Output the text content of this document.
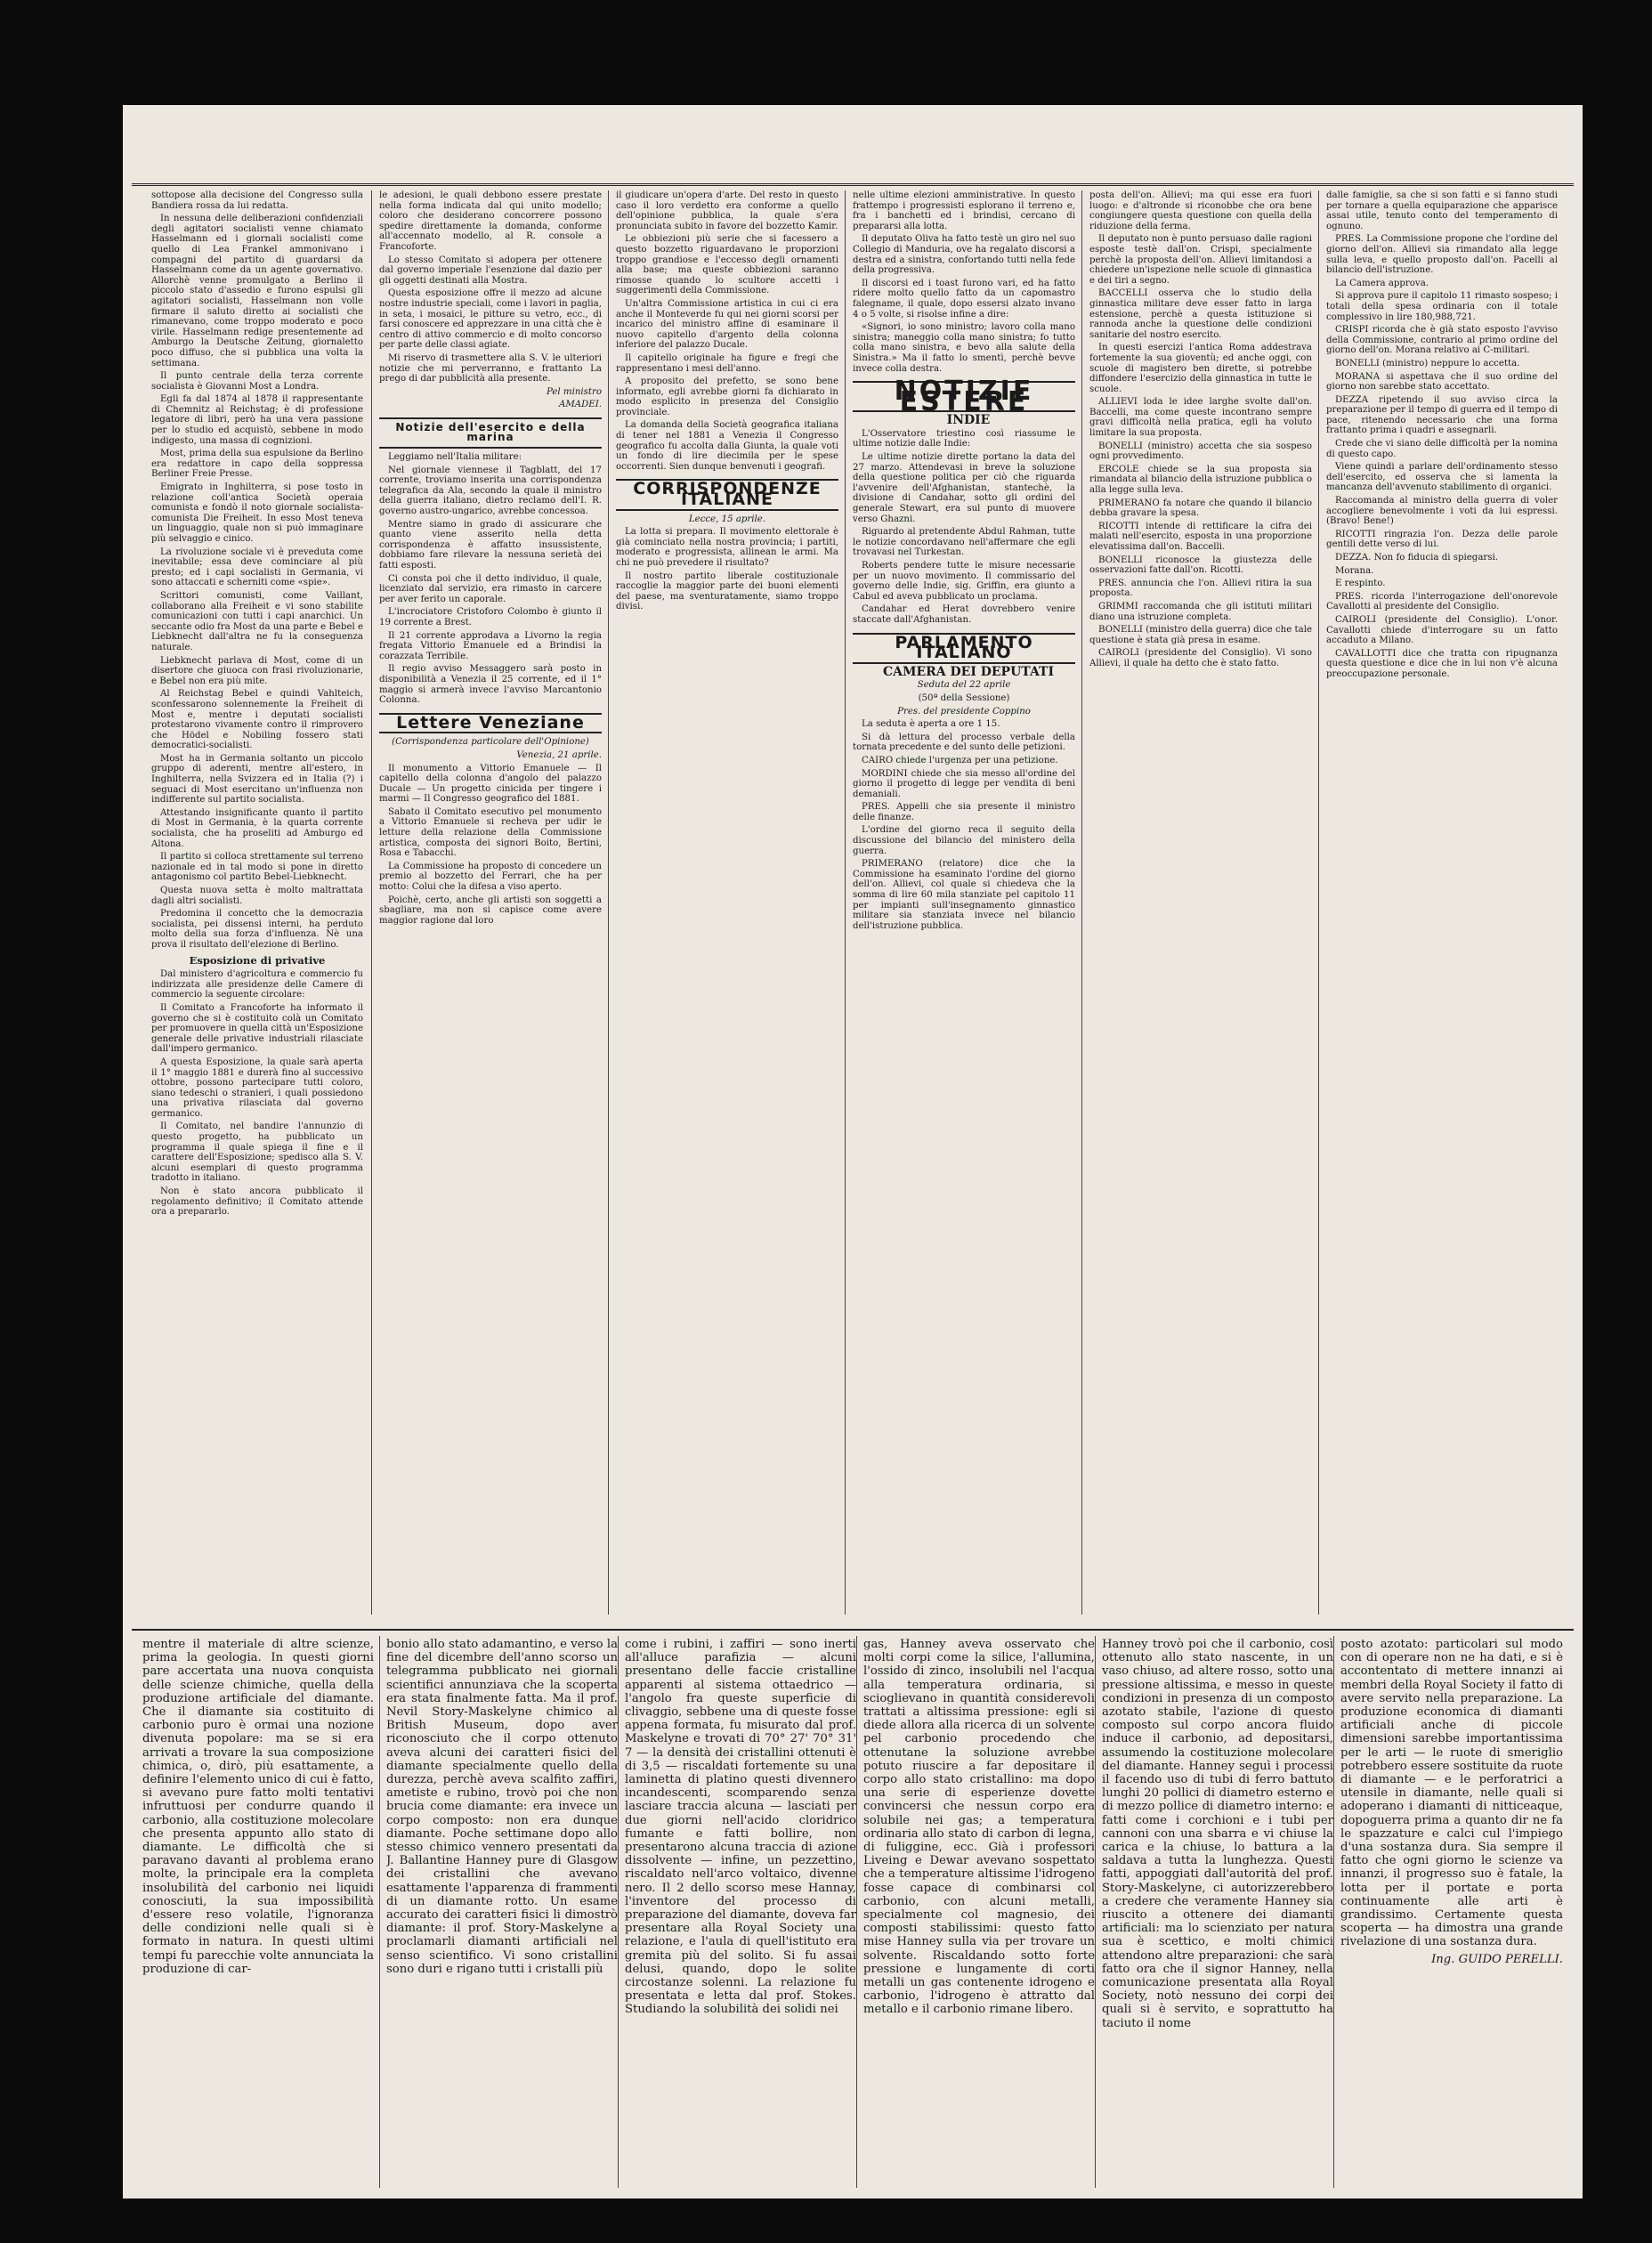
sottopose alla decisione del Congresso sulla Bandiera rossa da lui redatta.

In nessuna delle deliberazioni confidenziali degli agitatori socialisti venne chiamato Hasselmann ed i giornali socialisti come quello di Lea Frankel ammonivano i compagni del partito di guardarsi da Hasselmann come da un agente governativo. Allorchè venne promulgato a Berlino il piccolo stato d'assedio e furono espulsi gli agitatori socialisti, Hasselmann non volle firmare il saluto diretto ai socialisti che rimanevano, come troppo moderato e poco virile. Hasselmann redige presentemente ad Amburgo la Deutsche Zeitung, giornaletto poco diffuso, che si pubblica una volta la settimana.

Il punto centrale della terza corrente socialista è Giovanni Most a Londra.

Egli fa dal 1874 al 1878 il rappresentante di Chemnitz al Reichstag; è di professione legatore di libri, però ha una vera passione per lo studio ed acquistò, sebbene in modo indigesto, una massa di cognizioni.

Most, prima della sua espulsione da Berlino era redattore in capo della soppressa Berliner Freie Presse.

Emigrato in Inghilterra, si pose tosto in relazione coll'antica Società operaia comunista e fondò il noto giornale socialista-comunista Die Freiheit. In esso Most teneva un linguaggio, quale non si può immaginare più selvaggio e cinico.

La rivoluzione sociale vi è preveduta come inevitabile; essa deve cominciare al più presto; ed i capi socialisti in Germania, vi sono attaccati e scherniti come «spie».

Scrittori comunisti, come Vaillant, collaborano alla Freiheit e vi sono stabilite comunicazioni con tutti i capi anarchici. Un seccante odio fra Most da una parte e Bebel e Liebknecht dall'altra ne fu la conseguenza naturale.

Liebknecht parlava di Most, come di un disertore che giuoca con frasi rivoluzionarie, e Bebel non era più mite.

Al Reichstag Bebel e quindi Vahlteich, sconfessarono solennemente la Freiheit di Most e, mentre i deputati socialisti protestarono vivamente contro il rimprovero che Hödel e Nobiling fossero stati democratici-socialisti.

Most ha in Germania soltanto un piccolo gruppo di aderenti, mentre all'estero, in Inghilterra, nella Svizzera ed in Italia (?) i seguaci di Most esercitano un'influenza non indifferente sul partito socialista.

Attestando insignificante quanto il partito di Most in Germania, è la quarta corrente socialista, che ha proseliti ad Amburgo ed Altona.

Il partito si colloca strettamente sul terreno nazionale ed in tal modo si pone in diretto antagonismo col partito Bebel-Liebknecht.

Questa nuova setta è molto maltrattata dagli altri socialisti.

Predomina il concetto che la democrazia socialista, pei dissensi interni, ha perduto molto della sua forza d'influenza. Nè una prova il risultato dell'elezione di Berlino.

Esposizione di privative

Dal ministero d'agricoltura e commercio fu indirizzata alle presidenze delle Camere di commercio la seguente circolare:

Il Comitato a Francoforte ha informato il governo che si è costituito colà un Comitato per promuovere in quella città un'Esposizione generale delle privative industriali rilasciate dall'impero germanico.

A questa Esposizione, la quale sarà aperta il 1° maggio 1881 e durerà fino al successivo ottobre, possono partecipare tutti coloro, siano tedeschi o stranieri, i quali possiedono una privativa rilasciata dal governo germanico.

Il Comitato, nel bandire l'annunzio di questo progetto, ha pubblicato un programma il quale spiega il fine e il carattere dell'Esposizione; spedisco alla S. V. alcuni esemplari di questo programma tradotto in italiano.

Non è stato ancora pubblicato il regolamento definitivo; il Comitato attende ora a prepararlo.

le adesioni, le quali debbono essere prestate nella forma indicata dal qui unito modello; coloro che desiderano concorrere possono spedire direttamente la domanda, conforme all'accennato modello, al R. console a Francoforte.

Lo stesso Comitato si adopera per ottenere dal governo imperiale l'esenzione dal dazio per gli oggetti destinati alla Mostra.

Questa esposizione offre il mezzo ad alcune nostre industrie speciali, come i lavori in paglia, in seta, i mosaici, le pitture su vetro, ecc., di farsi conoscere ed apprezzare in una città che è centro di attivo commercio e di molto concorso per parte delle classi agiate.

Mi riservo di trasmettere alla S. V. le ulteriori notizie che mi perverranno, e frattanto La prego di dar pubblicità alla presente.

Pel ministro

AMADEI.

Notizie dell'esercito e della marina

Leggiamo nell'Italia militare:

Nel giornale viennese il Tagblatt, del 17 corrente, troviamo inserita una corrispondenza telegrafica da Ala, secondo la quale il ministro della guerra italiano, dietro reclamo dell'I. R. governo austro-ungarico, avrebbe concessoa.

Mentre siamo in grado di assicurare che quanto viene asserito nella detta corrispondenza è affatto insussistente, dobbiamo fare rilevare la nessuna serietà dei fatti esposti.

Ci consta poi che il detto individuo, il quale, licenziato dal servizio, era rimasto in carcere per aver ferito un caporale.

L'incrociatore Cristoforo Colombo è giunto il 19 corrente a Brest.

Il 21 corrente approdava a Livorno la regia fregata Vittorio Emanuele ed a Brindisi la corazzata Terribile.

Il regio avviso Messaggero sarà posto in disponibilità a Venezia il 25 corrente, ed il 1° maggio si armerà invece l'avviso Marcantonio Colonna.

Lettere Veneziane

(Corrispondenza particolare dell'Opinione)

Venezia, 21 aprile.

Il monumento a Vittorio Emanuele — Il capitello della colonna d'angolo del palazzo Ducale — Un progetto cinicida per tingere i marmi — Il Congresso geografico del 1881.

Sabato il Comitato esecutivo pel monumento a Vittorio Emanuele si recheva per udir le letture della relazione della Commissione artistica, composta dei signori Boito, Bertini, Rosa e Tabacchi.

La Commissione ha proposto di concedere un premio al bozzetto del Ferrari, che ha per motto: Colui che la difesa a viso aperto.

Poichè, certo, anche gli artisti son soggetti a sbagliare, ma non si capisce come avere maggior ragione dal loro

il giudicare un'opera d'arte. Del resto in questo caso il loro verdetto era conforme a quello dell'opinione pubblica, la quale s'era pronunciata subito in favore del bozzetto Kamir.

Le obbiezioni più serie che si facessero a questo bozzetto riguardavano le proporzioni troppo grandiose e l'eccesso degli ornamenti alla base; ma queste obbiezioni saranno rimosse quando lo scultore accetti i suggerimenti della Commissione.

Un'altra Commissione artistica in cui ci era anche il Monteverde fu qui nei giorni scorsi per incarico del ministro affine di esaminare il nuovo capitello d'argento della colonna inferiore del palazzo Ducale.

Il capitello originale ha figure e fregi che rappresentano i mesi dell'anno.

A proposito del prefetto, se sono bene informato, egli avrebbe giorni fa dichiarato in modo esplicito in presenza del Consiglio provinciale.

La domanda della Società geografica italiana di tener nel 1881 a Venezia il Congresso geografico fu accolta dalla Giunta, la quale voti un fondo di lire diecimila per le spese occorrenti. Sien dunque benvenuti i geografi.

CORRISPONDENZE ITALIANE

Lecce, 15 aprile.

La lotta si prepara. Il movimento elettorale è già cominciato nella nostra provincia; i partiti, moderato e progressista, allinean le armi. Ma chi ne può prevedere il risultato?

Il nostro partito liberale costituzionale raccoglie la maggior parte dei buoni elementi del paese, ma sventuratamente, siamo troppo divisi.

nelle ultime elezioni amministrative. In questo frattempo i progressisti esplorano il terreno e, fra i banchetti ed i brindisi, cercano di prepararsi alla lotta.

Il deputato Oliva ha fatto testè un giro nel suo Collegio di Manduria, ove ha regalato discorsi a destra ed a sinistra, confortando tutti nella fede della progressiva.

Il discorsi ed i toast furono vari, ed ha fatto ridere molto quello fatto da un capomastro falegname, il quale, dopo essersi alzato invano 4 o 5 volte, si risolse infine a dire:

«Signori, io sono ministro; lavoro colla mano sinistra; maneggio colla mano sinistra; fo tutto colla mano sinistra, e bevo alla salute della Sinistra.» Ma il fatto lo smentì, perchè bevve invece colla destra.

NOTIZIE ESTERE

INDIE

L'Osservatore triestino così riassume le ultime notizie dalle Indie:

Le ultime notizie dirette portano la data del 27 marzo. Attendevasi in breve la soluzione della questione politica per ciò che riguarda l'avvenire dell'Afghanistan, stantechè, la divisione di Candahar, sotto gli ordini del generale Stewart, era sul punto di muovere verso Ghazni.

Riguardo al pretendente Abdul Rahman, tutte le notizie concordavano nell'affermare che egli trovavasi nel Turkestan.

Roberts pendere tutte le misure necessarie per un nuovo movimento. Il commissario del governo delle Indie, sig. Griffin, era giunto a Cabul ed aveva pubblicato un proclama.

Candahar ed Herat dovrebbero venire staccate dall'Afghanistan.

PARLAMENTO ITALIANO

CAMERA DEI DEPUTATI

Seduta del 22 aprile

(50ª della Sessione)

Pres. del presidente Coppino

La seduta è aperta a ore 1 15.

Si dà lettura del processo verbale della tornata precedente e del sunto delle petizioni.

CAIRO chiede l'urgenza per una petizione.

MORDINI chiede che sia messo all'ordine del giorno il progetto di legge per vendita di beni demaniali.

PRES. Appelli che sia presente il ministro delle finanze.

L'ordine del giorno reca il seguito della discussione del bilancio del ministero della guerra.

PRIMERANO (relatore) dice che la Commissione ha esaminato l'ordine del giorno dell'on. Allievi, col quale si chiedeva che la somma di lire 60 mila stanziate pel capitolo 11 per impianti sull'insegnamento ginnastico militare sia stanziata invece nel bilancio dell'istruzione pubblica.

posta dell'on. Allievi; ma qui esse era fuori luogo: e d'altronde si riconobbe che ora bene congiungere questa questione con quella della riduzione della ferma.

Il deputato non è punto persuaso dalle ragioni esposte testè dall'on. Crispi, specialmente perchè la proposta dell'on. Allievi limitandosi a chiedere un'ispezione nelle scuole di ginnastica e dei tiri a segno.

BACCELLI osserva che lo studio della ginnastica militare deve esser fatto in larga estensione, perchè a questa istituzione si rannoda anche la questione delle condizioni sanitarie del nostro esercito.

In questi esercizi l'antica Roma addestrava fortemente la sua gioventù; ed anche oggi, con scuole di magistero ben dirette, si potrebbe diffondere l'esercizio della ginnastica in tutte le scuole.

ALLIEVI loda le idee larghe svolte dall'on. Baccelli, ma come queste incontrano sempre gravi difficoltà nella pratica, egli ha voluto limitare la sua proposta.

BONELLI (ministro) accetta che sia sospeso ogni provvedimento.

ERCOLE chiede se la sua proposta sia rimandata al bilancio della istruzione pubblica o alla legge sulla leva.

PRIMERANO fa notare che quando il bilancio debba gravare la spesa.

RICOTTI intende di rettificare la cifra dei malati nell'esercito, esposta in una proporzione elevatissima dall'on. Baccelli.

BONELLI riconosce la giustezza delle osservazioni fatte dall'on. Ricotti.

PRES. annuncia che l'on. Allievi ritira la sua proposta.

GRIMMI raccomanda che gli istituti militari diano una istruzione completa.

BONELLI (ministro della guerra) dice che tale questione è stata già presa in esame.

CAIROLI (presidente del Consiglio). Vi sono Allievi, il quale ha detto che è stato fatto.

dalle famiglie, sa che si son fatti e si fanno studi per tornare a quella equiparazione che apparisce assai utile, tenuto conto del temperamento di ognuno.

PRES. La Commissione propone che l'ordine del giorno dell'on. Allievi sia rimandato alla legge sulla leva, e quello proposto dall'on. Pacelli al bilancio dell'istruzione.

La Camera approva.

Si approva pure il capitolo 11 rimasto sospeso; i totali della spesa ordinaria con il totale complessivo in lire 180,988,721.

CRISPI ricorda che è già stato esposto l'avviso della Commissione, contrario al primo ordine del giorno dell'on. Morana relativo ai C-militari.

BONELLI (ministro) neppure lo accetta.

MORANA si aspettava che il suo ordine del giorno non sarebbe stato accettato.

DEZZA ripetendo il suo avviso circa la preparazione per il tempo di guerra ed il tempo di pace, ritenendo necessario che una forma frattanto prima i quadri e assegnarli.

Crede che vi siano delle difficoltà per la nomina di questo capo.

Viene quindi a parlare dell'ordinamento stesso dell'esercito, ed osserva che si lamenta la mancanza dell'avvenuto stabilimento di organici.

Raccomanda al ministro della guerra di voler accogliere benevolmente i voti da lui espressi. (Bravo! Bene!)

RICOTTI ringrazia l'on. Dezza delle parole gentili dette verso di lui.

DEZZA. Non fo fiducia di spiegarsi.

Morana.

E respinto.

PRES. ricorda l'interrogazione dell'onorevole Cavallotti al presidente del Consiglio.

CAIROLI (presidente del Consiglio). L'onor. Cavallotti chiede d'interrogare su un fatto accaduto a Milano.

CAVALLOTTI dice che tratta con ripugnanza questa questione e dice che in lui non v'è alcuna preoccupazione personale.

mentre il materiale di altre scienze, prima la geologia. In questi giorni pare accertata una nuova conquista delle scienze chimiche, quella della produzione artificiale del diamante. Che il diamante sia costituito di carbonio puro è ormai una nozione divenuta popolare: ma se si era arrivati a trovare la sua composizione chimica, o, dirò, più esattamente, a definire l'elemento unico di cui è fatto, si avevano pure fatto molti tentativi infruttuosi per condurre quando il carbonio, alla costituzione molecolare che presenta appunto allo stato di diamante. Le difficoltà che si paravano davanti al problema erano molte, la principale era la completa insolubilità del carbonio nei liquidi conosciuti, la sua impossibilità d'essere reso volatile, l'ignoranza delle condizioni nelle quali si è formato in natura. In questi ultimi tempi fu parecchie volte annunciata la produzione di car-

bonio allo stato adamantino, e verso la fine del dicembre dell'anno scorso un telegramma pubblicato nei giornali scientifici annunziava che la scoperta era stata finalmente fatta. Ma il prof. Nevil Story-Maskelyne chimico al British Museum, dopo aver riconosciuto che il corpo ottenuto aveva alcuni dei caratteri fisici del diamante specialmente quello della durezza, perchè aveva scalfito zaffiri, ametiste e rubino, trovò poi che non brucia come diamante: era invece un corpo composto: non era dunque diamante. Poche settimane dopo allo stesso chimico vennero presentati da J. Ballantine Hanney pure di Glasgow dei cristallini che avevano esattamente l'apparenza di frammenti di un diamante rotto. Un esame accurato dei caratteri fisici li dimostrò diamante: il prof. Story-Maskelyne a proclamarli diamanti artificiali nel senso scientifico. Vi sono cristallini sono duri e rigano tutti i cristalli più

come i rubini, i zaffiri — sono inerti all'alluce parafizia — alcuni presentano delle faccie cristalline apparenti al sistema ottaedrico — l'angolo fra queste superficie di clivaggio, sebbene una di queste fosse appena formata, fu misurato dal prof. Maskelyne e trovati di 70° 27' 70° 31' 7 — la densità dei cristallini ottenuti è di 3,5 — riscaldati fortemente su una laminetta di platino questi divennero incandescenti, scomparendo senza lasciare traccia alcuna — lasciati per due giorni nell'acido cloridrico fumante e fatti bollire, non presentarono alcuna traccia di azione dissolvente — infine, un pezzettino, riscaldato nell'arco voltaico, divenne nero. Il 2 dello scorso mese Hannay, l'inventore del processo di preparazione del diamante, doveva far presentare alla Royal Society una relazione, e l'aula di quell'istituto era gremita più del solito. Si fu assai delusi, quando, dopo le solite circostanze solenni. La relazione fu presentata e letta dal prof. Stokes. Studiando la solubilità dei solidi nei

gas, Hanney aveva osservato che molti corpi come la silice, l'allumina, l'ossido di zinco, insolubili nel l'acqua alla temperatura ordinaria, si scioglievano in quantità considerevoli trattati a altissima pressione: egli si diede allora alla ricerca di un solvente pel carbonio procedendo che ottenutane la soluzione avrebbe potuto riuscire a far depositare il corpo allo stato cristallino: ma dopo una serie di esperienze dovette convincersi che nessun corpo era solubile nei gas; a temperatura ordinaria allo stato di carbon di legna, di fuliggine, ecc. Già i professori Liveing e Dewar avevano sospettato che a temperature altissime l'idrogeno fosse capace di combinarsi col carbonio, con alcuni metalli, specialmente col magnesio, dei composti stabilissimi: questo fatto mise Hanney sulla via per trovare un solvente. Riscaldando sotto forte pressione e lungamente di corti metalli un gas contenente idrogeno e carbonio, l'idrogeno è attratto dal metallo e il carbonio rimane libero.

Hanney trovò poi che il carbonio, così ottenuto allo stato nascente, in un vaso chiuso, ad altere rosso, sotto una pressione altissima, e messo in queste condizioni in presenza di un composto azotato stabile, l'azione di questo composto sul corpo ancora fluido induce il carbonio, ad depositarsi, assumendo la costituzione molecolare del diamante. Hanney seguì i processi il facendo uso di tubi di ferro battuto lunghi 20 pollici di diametro esterno e di mezzo pollice di diametro interno: e fatti come i corchioni e i tubi per cannoni con una sbarra e vi chiuse la carica e la chiuse, lo battura a la saldava a tutta la lunghezza. Questi fatti, appoggiati dall'autorità del prof. Story-Maskelyne, ci autorizzerebbero a credere che veramente Hanney sia riuscito a ottenere dei diamanti artificiali: ma lo scienziato per natura sua è scettico, e molti chimici attendono altre preparazioni: che sarà fatto ora che il signor Hanney, nella comunicazione presentata alla Royal Society, notò nessuno dei corpi dei quali si è servito, e soprattutto ha taciuto il nome

posto azotato: particolari sul modo con di operare non ne ha dati, e si è accontentato di mettere innanzi ai membri della Royal Society il fatto di avere servito nella preparazione. La produzione economica di diamanti artificiali anche di piccole dimensioni sarebbe importantissima per le arti — le ruote di smeriglio potrebbero essere sostituite da ruote di diamante — e le perforatrici a utensile in diamante, nelle quali si adoperano i diamanti di nitticeaque, dopoguerra prima a quanto dir ne fa le spazzature e calci cul l'impiego d'una sostanza dura. Sia sempre il fatto che ogni giorno le scienze va innanzi, il progresso suo è fatale, la lotta per il portate e porta continuamente alle arti è grandissimo. Certamente questa scoperta — ha dimostra una grande rivelazione di una sostanza dura.

Ing. GUIDO PERELLI.
